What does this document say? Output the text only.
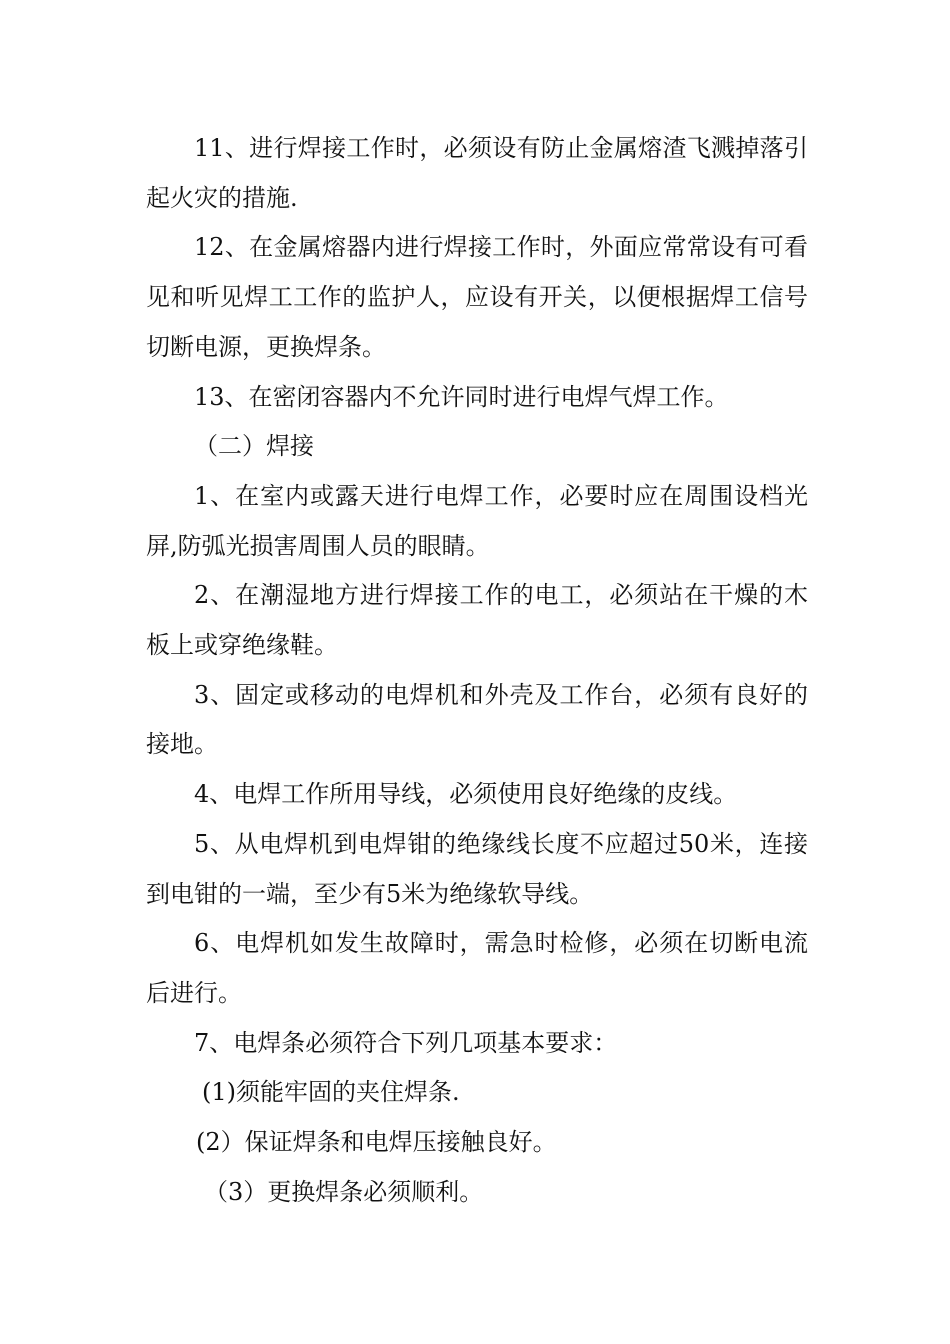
11、进行焊接工作时，必须设有防止金属熔渣飞溅掉落引起火灾的措施.

12、在金属熔器内进行焊接工作时，外面应常常设有可看见和听见焊工工作的监护人，应设有开关，以便根据焊工信号切断电源，更换焊条。

13、在密闭容器内不允许同时进行电焊气焊工作。

（二）焊接

1、在室内或露天进行电焊工作，必要时应在周围设档光屏,防弧光损害周围人员的眼睛。

2、在潮湿地方进行焊接工作的电工，必须站在干燥的木板上或穿绝缘鞋。

3、固定或移动的电焊机和外壳及工作台，必须有良好的接地。

4、电焊工作所用导线，必须使用良好绝缘的皮线。

5、从电焊机到电焊钳的绝缘线长度不应超过50米，连接到电钳的一端，至少有5米为绝缘软导线。

6、电焊机如发生故障时，需急时检修，必须在切断电流后进行。

7、电焊条必须符合下列几项基本要求：

(1)须能牢固的夹住焊条.

(2）保证焊条和电焊压接触良好。

（3）更换焊条必须顺利。
